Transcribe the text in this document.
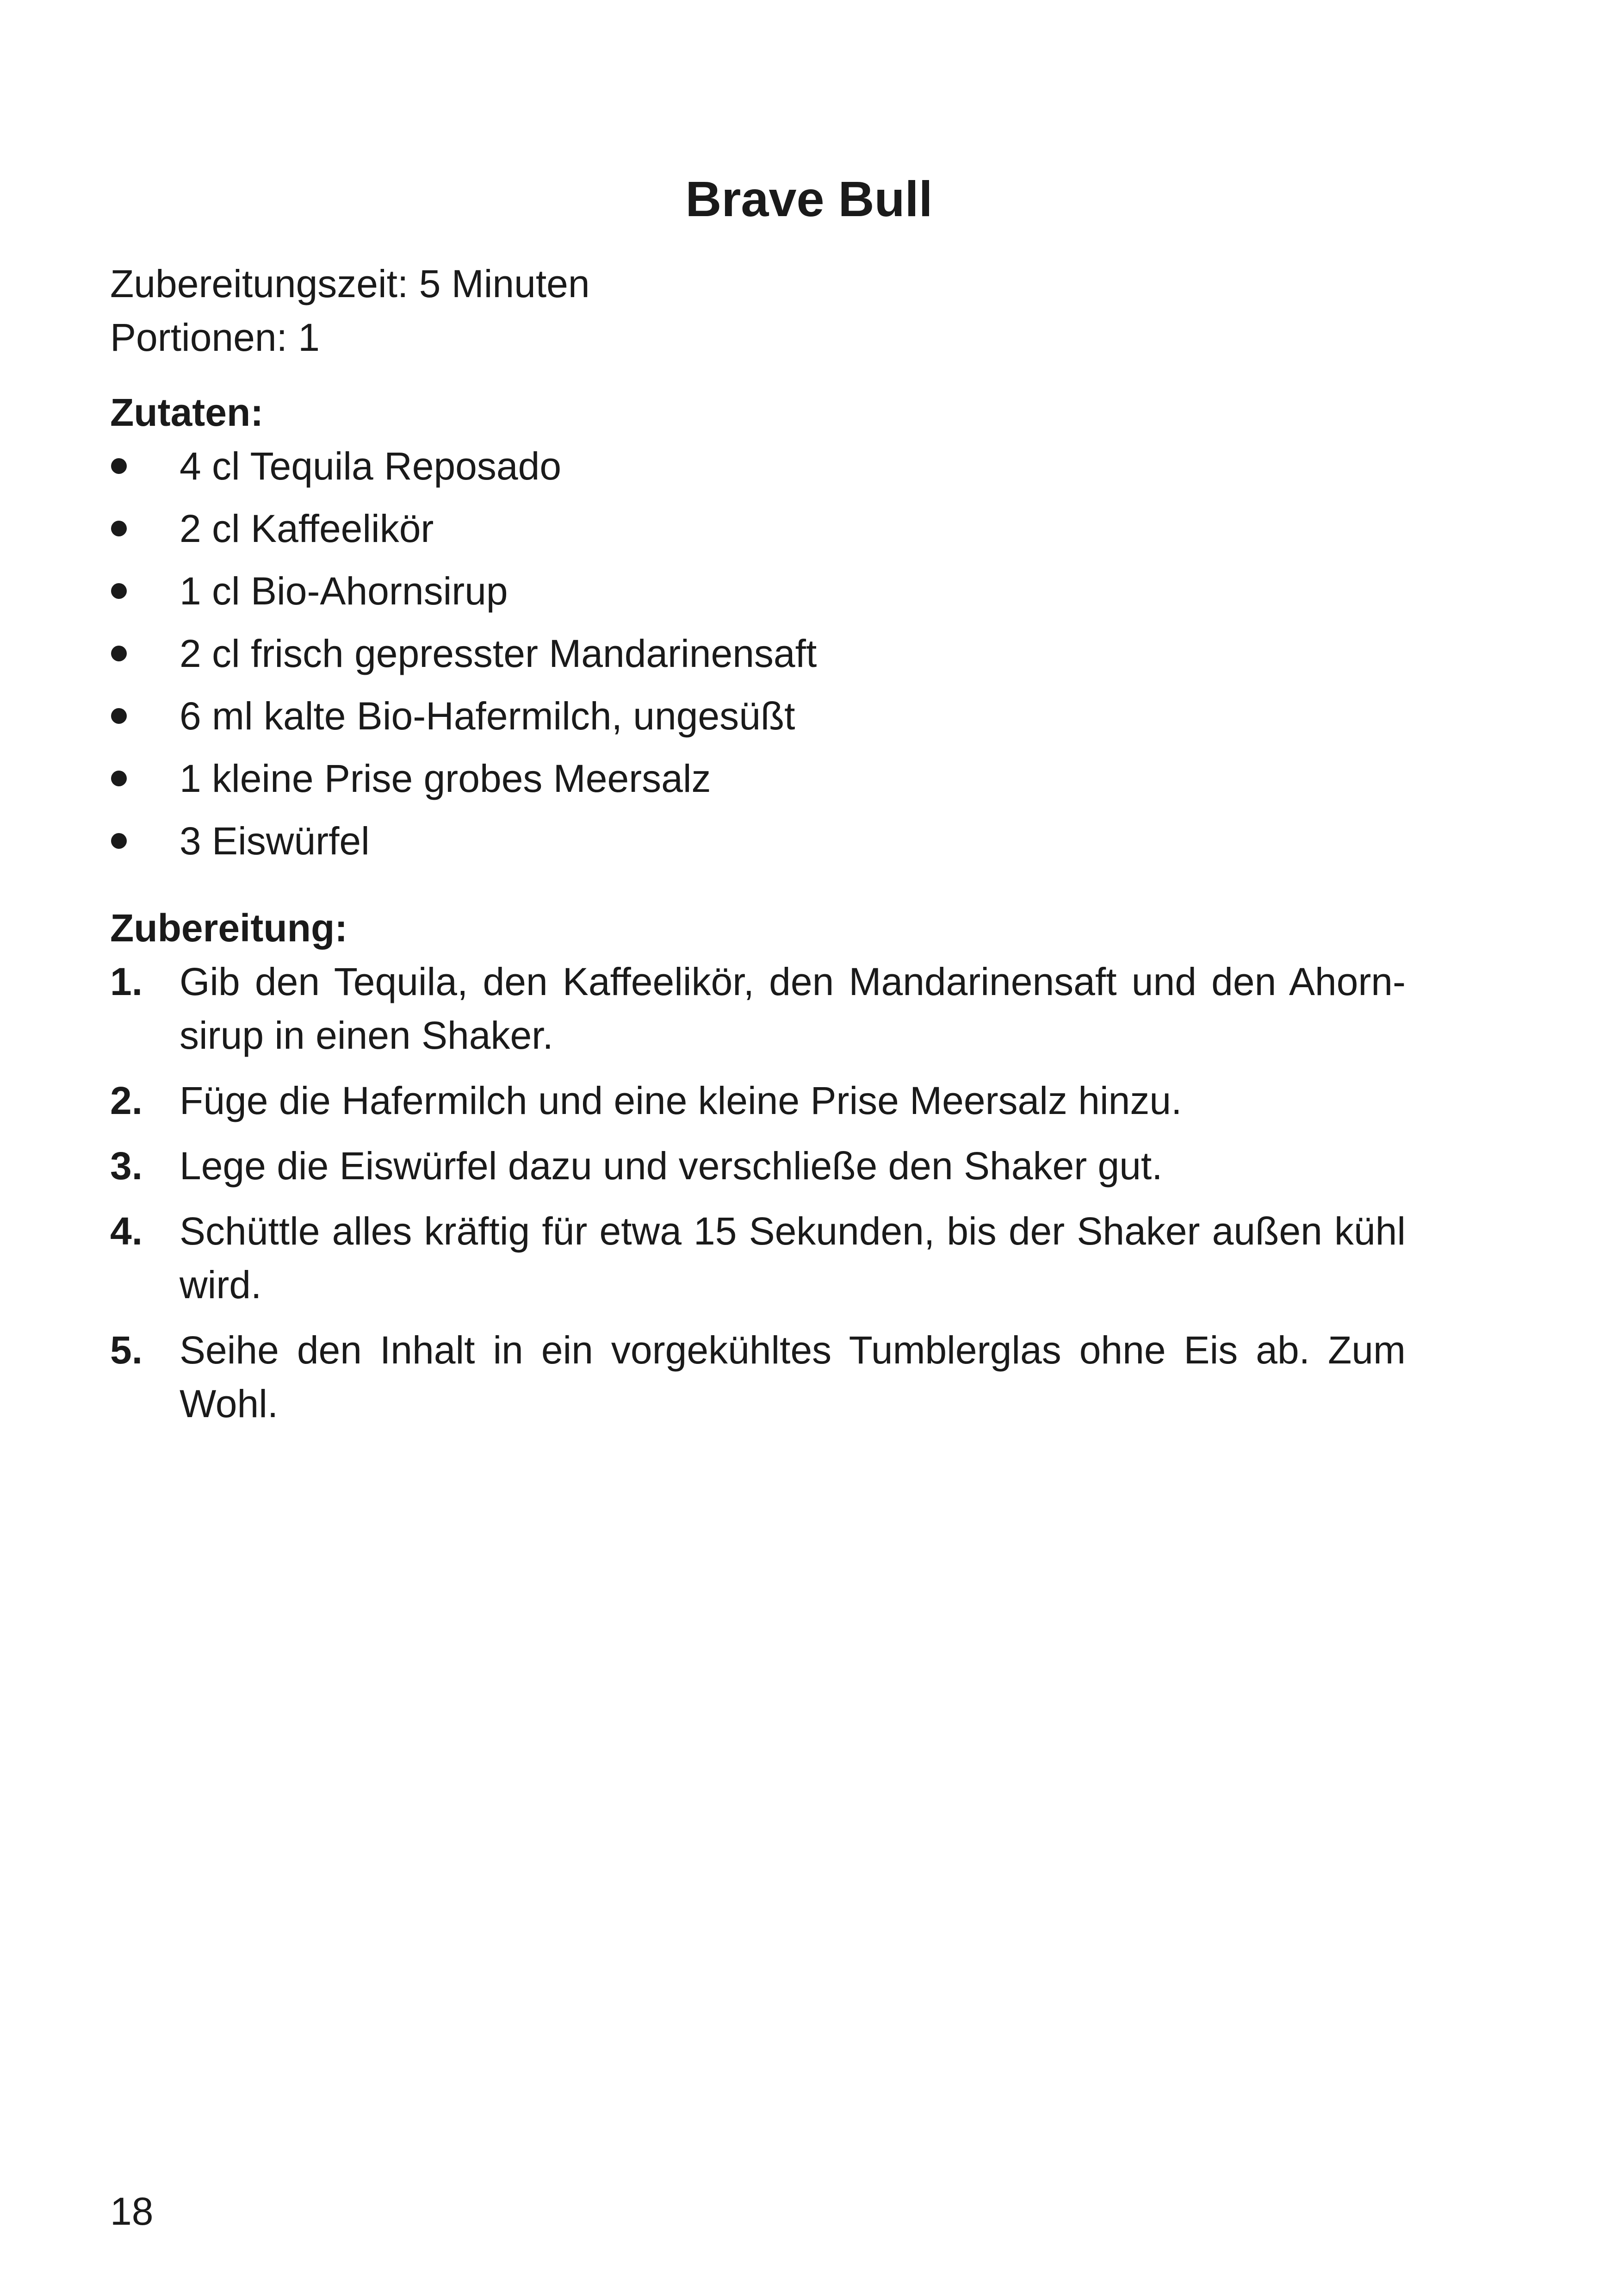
Brave Bull

Zubereitungszeit: 5 Minuten

Portionen: 1

Zutaten:

4 cl Tequila Reposado
2 cl Kaffeelikör
1 cl Bio-Ahornsirup
2 cl frisch gepresster Mandarinensaft
6 ml kalte Bio-Hafermilch, ungesüßt
1 kleine Prise grobes Meersalz
3 Eiswürfel

Zubereitung:

1. Gib den Tequila, den Kaffeelikör, den Mandarinensaft und den Ahornsirup in einen Shaker.
2. Füge die Hafermilch und eine kleine Prise Meersalz hinzu.
3. Lege die Eiswürfel dazu und verschließe den Shaker gut.
4. Schüttle alles kräftig für etwa 15 Sekunden, bis der Shaker außen kühl wird.
5. Seihe den Inhalt in ein vorgekühltes Tumblerglas ohne Eis ab. Zum Wohl.

18
